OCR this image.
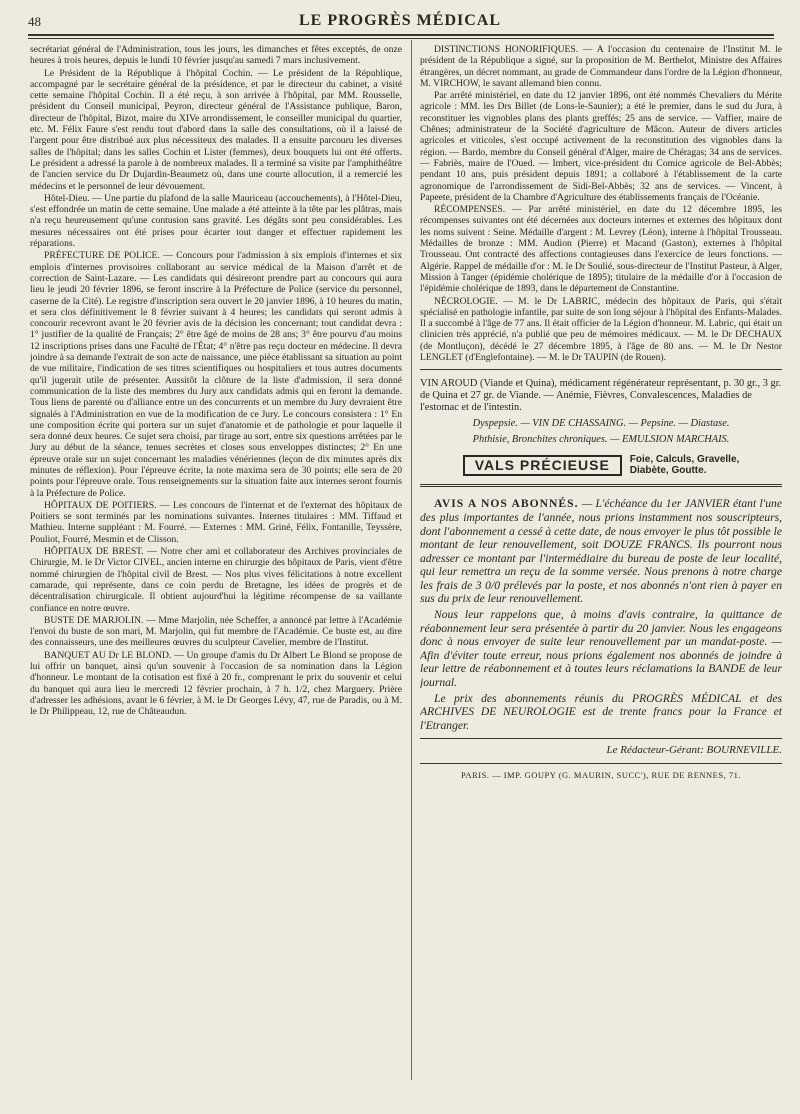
48	LE PROGRÈS MÉDICAL

secrétariat général de l'Administration, tous les jours, les dimanches et fêtes exceptés, de onze heures à trois heures, depuis le lundi 10 février jusqu'au samedi 7 mars inclusivement.

Le Président de la République à l'hôpital Cochin. — Le président de la République, accompagné par le secrétaire général de la présidence, et par le directeur du cabinet, a visité cette semaine l'hôpital Cochin. Il a été reçu, à son arrivée à l'hôpital, par MM. Rousselle, président du Conseil municipal, Peyron, directeur général de l'Assistance publique, Baron, directeur de l'hôpital, Bizot, maire du XIVe arrondissement, le conseiller municipal du quartier, etc. M. Félix Faure s'est rendu tout d'abord dans la salle des consultations, où il a laissé de l'argent pour être distribué aux plus nécessiteux des malades. Il a ensuite parcouru les diverses salles de l'hôpital; dans les salles Cochin et Lister (femmes), deux bouquets lui ont été offerts. Le président a adressé la parole à de nombreux malades. Il a terminé sa visite par l'amphithéâtre de l'ancien service du Dr Dujardin-Beaumetz où, dans une courte allocution, il a remercié les médecins et le personnel de leur dévouement.

Hôtel-Dieu. — Une partie du plafond de la salle Mauriceau (accouchements), à l'Hôtel-Dieu, s'est effondrée un matin de cette semaine. Une malade a été atteinte à la tête par les plâtras, mais n'a reçu heureusement qu'une contusion sans gravité. Les dégâts sont peu considérables. Les mesures nécessaires ont été prises pour écarter tout danger et effectuer rapidement les réparations.

PRÉFECTURE DE POLICE. — Concours pour l'admission à six emplois d'internes et six emplois d'internes provisoires collaborant au service médical de la Maison d'arrêt et de correction de Saint-Lazare. — Les candidats qui désireront prendre part au concours qui aura lieu le jeudi 20 février 1896, se feront inscrire à la Préfecture de Police (service du personnel, caserne de la Cité). Le registre d'inscription sera ouvert le 20 janvier 1896, à 10 heures du matin, et sera clos définitivement le 8 février suivant à 4 heures; les candidats qui seront admis à concourir recevront avant le 20 février avis de la décision les concernant; tout candidat devra : 1° justifier de la qualité de Français; 2° être âgé de moins de 28 ans; 3° être pourvu d'au moins 12 inscriptions prises dans une Faculté de l'État; 4° n'être pas reçu docteur en médecine. Il devra joindre à sa demande l'extrait de son acte de naissance, une pièce établissant sa situation au point de vue militaire, l'indication de ses titres scientifiques ou hospitaliers et tous autres documents qu'il jugerait utile de présenter. Aussitôt la clôture de la liste d'admission, il sera donné communication de la liste des membres du Jury aux candidats admis qui en feront la demande. Tous liens de parenté ou d'alliance entre un des concurrents et un membre du Jury devraient être signalés à l'Administration en vue de la modification de ce Jury. Le concours consistera : 1° En une composition écrite qui portera sur un sujet d'anatomie et de pathologie et pour laquelle il sera donné deux heures. Ce sujet sera choisi, par tirage au sort, entre six questions arrêtées par le Jury au début de la séance, tenues secrètes et closes sous enveloppes distinctes; 2° En une épreuve orale sur un sujet concernant les maladies vénériennes (leçon de dix minutes après dix minutes de réflexion). Pour l'épreuve écrite, la note maxima sera de 30 points; elle sera de 20 points pour l'épreuve orale. Tous renseignements sur la situation faite aux internes seront fournis à la Préfecture de Police.

HÔPITAUX DE POITIERS. — Les concours de l'internat et de l'externat des hôpitaux de Poitiers se sont terminés par les nominations suivantes. Internes titulaires : MM. Tiffaud et Mathieu. Interne suppléant : M. Fourré. — Externes : MM. Griné, Félix, Fontanille, Teyssère, Pouliot, Fourré, Mesmin et de Clisson.

HÔPITAUX DE BREST. — Notre cher ami et collaborateur des Archives provinciales de Chirurgie, M. le Dr Victor CIVEL, ancien interne en chirurgie des hôpitaux de Paris, vient d'être nommé chirurgien de l'hôpital civil de Brest. — Nos plus vives félicitations à notre excellent camarade, qui représente, dans ce coin perdu de Bretagne, les idées de progrès et de décentralisation chirurgicale. Il obtient aujourd'hui la légitime récompense de sa vaillante confiance en notre œuvre.

BUSTE DE MARJOLIN. — Mme Marjolin, née Scheffer, a annoncé par lettre à l'Académie l'envoi du buste de son mari, M. Marjolin, qui fut membre de l'Académie. Ce buste est, au dire des connaisseurs, une des meilleures œuvres du sculpteur Cavelier, membre de l'Institut.

BANQUET AU Dr LE BLOND. — Un groupe d'amis du Dr Albert Le Blond se propose de lui offrir un banquet, ainsi qu'un souvenir à l'occasion de sa nomination dans la Légion d'honneur. Le montant de la cotisation est fixé à 20 fr., comprenant le prix du souvenir et celui du banquet qui aura lieu le mercredi 12 février prochain, à 7 h. 1/2, chez Marguery. Prière d'adresser les adhésions, avant le 6 février, à M. le Dr Georges Lévy, 47, rue de Paradis, ou à M. le Dr Philippeau, 12, rue de Châteaudun.

DISTINCTIONS HONORIFIQUES. — A l'occasion du centenaire de l'Institut M. le président de la République a signé, sur la proposition de M. Berthelot, Ministre des Affaires étrangères, un décret nommant, au grade de Commandeur dans l'ordre de la Légion d'honneur, M. VIRCHOW, le savant allemand bien connu.

Par arrêté ministériel, en date du 12 janvier 1896, ont été nommés Chevaliers du Mérite agricole : MM. les Drs Billet (de Lons-le-Saunier); a été le premier, dans le sud du Jura, à reconstituer les vignobles plans des plants greffés; 25 ans de service. — Vaffier, maire de Chênes; administrateur de la Société d'agriculture de Mâcon. Auteur de divers articles agricoles et viticoles, s'est occupé activement de la reconstitution des vignobles dans la région. — Bardo, membre du Conseil général d'Alger, maire de Chéragas; 34 ans de services. — Fabriès, maire de l'Oued. — Imbert, vice-président du Comice agricole de Bel-Abbès; pendant 10 ans, puis président depuis 1891; a collaboré à l'établissement de la carte agronomique de l'arrondissement de Sidi-Bel-Abbès; 32 ans de services. — Vincent, à Papeete, président de la Chambre d'Agriculture des établissements français de l'Océanie.

RÉCOMPENSES. — Par arrêté ministériel, en date du 12 décembre 1895, les récompenses suivantes ont été décernées aux docteurs internes et externes des hôpitaux dont les noms suivent : Seine. Médaille d'argent : M. Levrey (Léon), interne à l'hôpital Trousseau. Médailles de bronze : MM. Audion (Pierre) et Macand (Gaston), externes à l'hôpital Trousseau. Ont contracté des affections contagieuses dans l'exercice de leurs fonctions. — Algérie. Rappel de médaille d'or : M. le Dr Soulié, sous-directeur de l'Institut Pasteur, à Alger, Mission à Tanger (épidémie cholérique de 1895); titulaire de la médaille d'or à l'occasion de l'épidémie cholérique de 1893, dans le département de Constantine.

NÉCROLOGIE. — M. le Dr LABRIC, médecin des hôpitaux de Paris, qui s'était spécialisé en pathologie infantile, par suite de son long séjour à l'hôpital des Enfants-Malades. Il a succombé à l'âge de 77 ans. Il était officier de la Légion d'honneur. M. Labric, qui était un clinicien très apprécié, n'a publié que peu de mémoires médicaux. — M. le Dr DECHAUX (de Montluçon), décédé le 27 décembre 1895, à l'âge de 80 ans. — M. le Dr Nestor LENGLET (d'Englefontaine). — M. le Dr TAUPIN (de Rouen).

VIN AROUD (Viande et Quina), médicament régénérateur représentant, p. 30 gr., 3 gr. de Quina et 27 gr. de Viande. — Anémie, Fièvres, Convalescences, Maladies de l'estomac et de l'intestin.

Dyspepsie. — VIN DE CHASSAING. — Pepsine. — Diastase.

Phthisie, Bronchites chroniques. — EMULSION MARCHAIS.

VALS PRÉCIEUSE	Foie, Calculs, Gravelle,
Diabète, Goutte.

AVIS A NOS ABONNÉS. — L'échéance du 1er JANVIER étant l'une des plus importantes de l'année, nous prions instamment nos souscripteurs, dont l'abonnement a cessé à cette date, de nous envoyer le plus tôt possible le montant de leur renouvellement, soit DOUZE FRANCS. Ils pourront nous adresser ce montant par l'intermédiaire du bureau de poste de leur localité, qui leur remettra un reçu de la somme versée. Nous prenons à notre charge les frais de 3 0/0 prélevés par la poste, et nos abonnés n'ont rien à payer en sus du prix de leur renouvellement.

Nous leur rappelons que, à moins d'avis contraire, la quittance de réabonnement leur sera présentée à partir du 20 janvier. Nous les engageons donc à nous envoyer de suite leur renouvellement par un mandat-poste. — Afin d'éviter toute erreur, nous prions également nos abonnés de joindre à leur lettre de réabonnement et à toutes leurs réclamations la BANDE de leur journal.

Le prix des abonnements réunis du PROGRÈS MÉDICAL et des ARCHIVES DE NEUROLOGIE est de trente francs pour la France et l'Etranger.

Le Rédacteur-Gérant: BOURNEVILLE.
PARIS. — IMP. GOUPY (G. MAURIN, SUCC'), RUE DE RENNES, 71.
